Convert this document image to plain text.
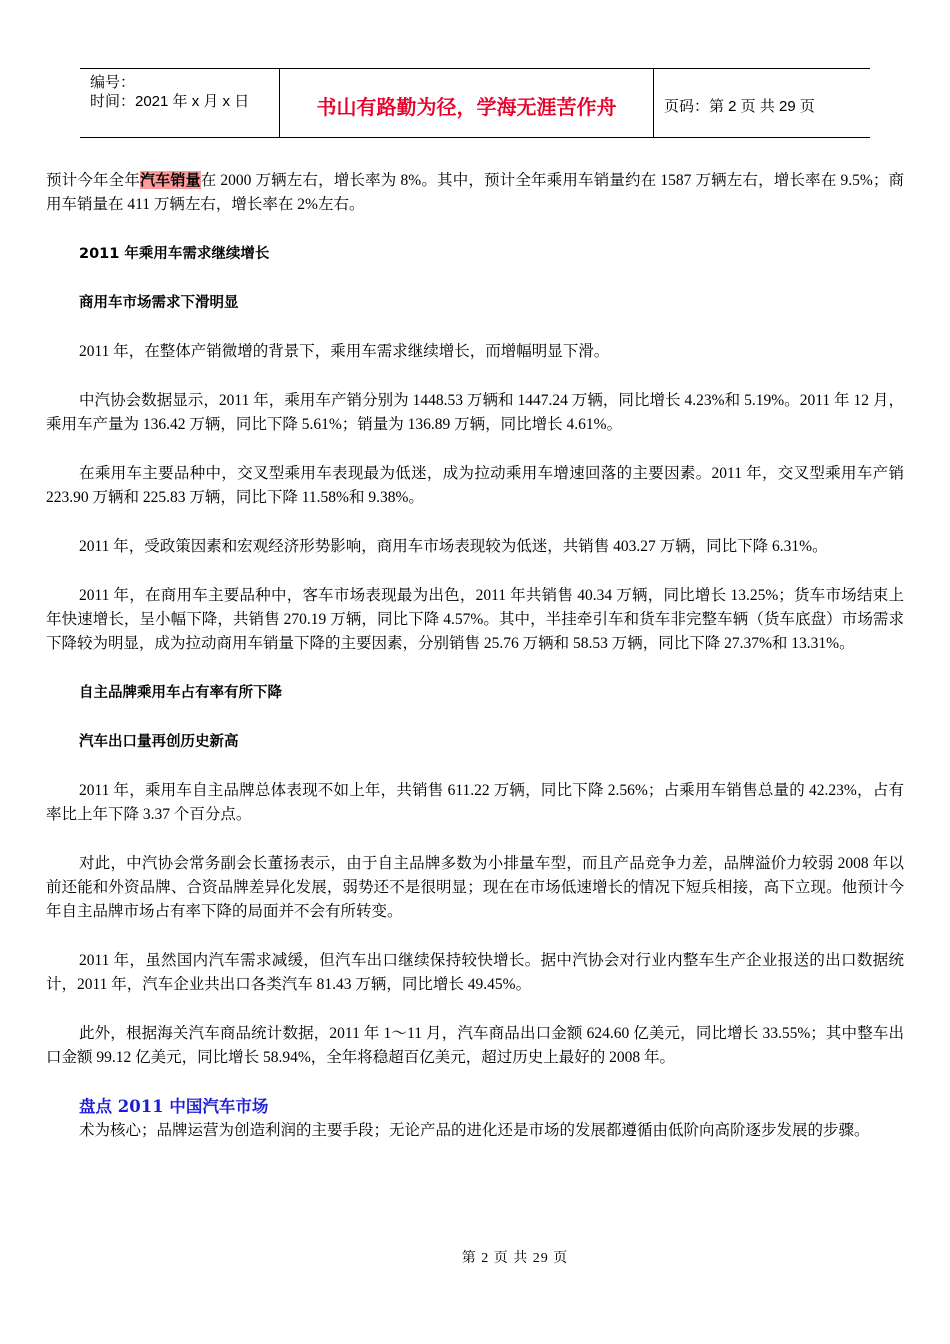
编号：
时间：2021 年 x 月 x 日	书山有路勤为径，学海无涯苦作舟	页码：第 2 页 共 29 页

预计今年全年汽车销量在 2000 万辆左右，增长率为 8%。其中，预计全年乘用车销量约在 1587 万辆左右，增长率在 9.5%；商用车销量在 411 万辆左右，增长率在 2%左右。

2011 年乘用车需求继续增长

商用车市场需求下滑明显

2011 年，在整体产销微增的背景下，乘用车需求继续增长，而增幅明显下滑。

中汽协会数据显示，2011 年，乘用车产销分别为 1448.53 万辆和 1447.24 万辆，同比增长 4.23%和 5.19%。2011 年 12 月，乘用车产量为 136.42 万辆，同比下降 5.61%；销量为 136.89 万辆，同比增长 4.61%。

在乘用车主要品种中，交叉型乘用车表现最为低迷，成为拉动乘用车增速回落的主要因素。2011 年，交叉型乘用车产销 223.90 万辆和 225.83 万辆，同比下降 11.58%和 9.38%。

2011 年，受政策因素和宏观经济形势影响，商用车市场表现较为低迷，共销售 403.27 万辆，同比下降 6.31%。

2011 年，在商用车主要品种中，客车市场表现最为出色，2011 年共销售 40.34 万辆，同比增长 13.25%；货车市场结束上年快速增长，呈小幅下降，共销售 270.19 万辆，同比下降 4.57%。其中，半挂牵引车和货车非完整车辆（货车底盘）市场需求下降较为明显，成为拉动商用车销量下降的主要因素，分别销售 25.76 万辆和 58.53 万辆，同比下降 27.37%和 13.31%。

自主品牌乘用车占有率有所下降

汽车出口量再创历史新高

2011 年，乘用车自主品牌总体表现不如上年，共销售 611.22 万辆，同比下降 2.56%；占乘用车销售总量的 42.23%，占有率比上年下降 3.37 个百分点。

对此，中汽协会常务副会长董扬表示，由于自主品牌多数为小排量车型，而且产品竞争力差，品牌溢价力较弱 2008 年以前还能和外资品牌、合资品牌差异化发展，弱势还不是很明显；现在在市场低速增长的情况下短兵相接，高下立现。他预计今年自主品牌市场占有率下降的局面并不会有所转变。

2011 年，虽然国内汽车需求减缓，但汽车出口继续保持较快增长。据中汽协会对行业内整车生产企业报送的出口数据统计，2011 年，汽车企业共出口各类汽车 81.43 万辆，同比增长 49.45%。

此外，根据海关汽车商品统计数据，2011 年 1～11 月，汽车商品出口金额 624.60 亿美元，同比增长 33.55%；其中整车出口金额 99.12 亿美元，同比增长 58.94%，全年将稳超百亿美元，超过历史上最好的 2008 年。

盘点 2011 中国汽车市场

术为核心；品牌运营为创造利润的主要手段；无论产品的进化还是市场的发展都遵循由低阶向高阶逐步发展的步骤。

第 2 页 共 29 页
